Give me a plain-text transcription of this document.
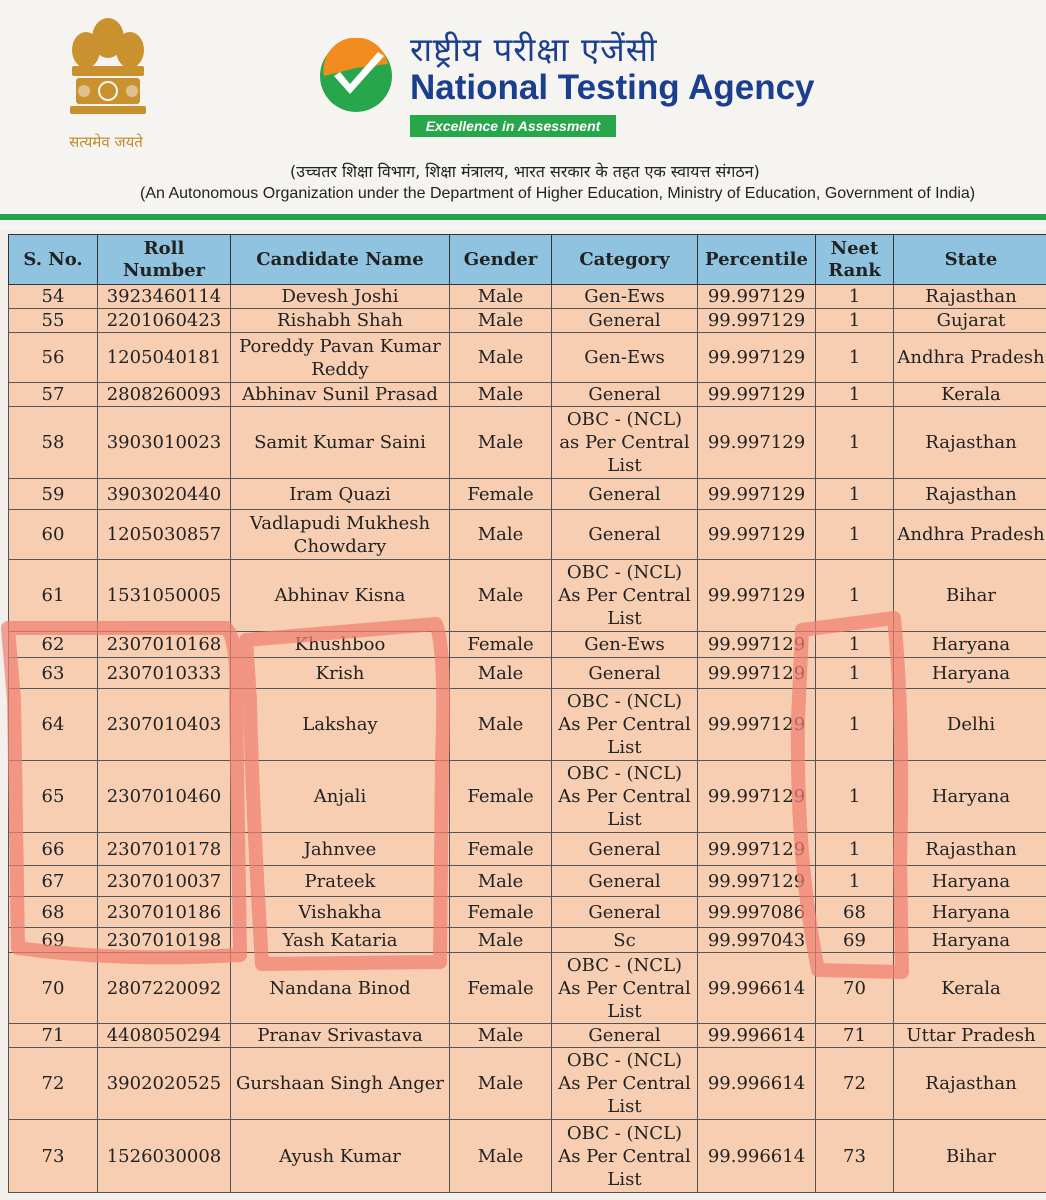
सत्यमेव जयते
राष्ट्रीय परीक्षा एजेंसी
National Testing Agency
Excellence in Assessment
(उच्चतर शिक्षा विभाग, शिक्षा मंत्रालय, भारत सरकार के तहत एक स्वायत्त संगठन)
(An Autonomous Organization under the Department of Higher Education, Ministry of Education, Government of India)
S. No.	Roll Number	Candidate Name	Gender	Category	Percentile	Neet Rank	State
54	3923460114	Devesh Joshi	Male	Gen-Ews	99.997129	1	Rajasthan
55	2201060423	Rishabh Shah	Male	General	99.997129	1	Gujarat
56	1205040181	Poreddy Pavan Kumar Reddy	Male	Gen-Ews	99.997129	1	Andhra Pradesh
57	2808260093	Abhinav Sunil Prasad	Male	General	99.997129	1	Kerala
58	3903010023	Samit Kumar Saini	Male	OBC - (NCL) as Per Central List	99.997129	1	Rajasthan
59	3903020440	Iram Quazi	Female	General	99.997129	1	Rajasthan
60	1205030857	Vadlapudi Mukhesh Chowdary	Male	General	99.997129	1	Andhra Pradesh
61	1531050005	Abhinav Kisna	Male	OBC - (NCL) As Per Central List	99.997129	1	Bihar
62	2307010168	Khushboo	Female	Gen-Ews	99.997129	1	Haryana
63	2307010333	Krish	Male	General	99.997129	1	Haryana
64	2307010403	Lakshay	Male	OBC - (NCL) As Per Central List	99.997129	1	Delhi
65	2307010460	Anjali	Female	OBC - (NCL) As Per Central List	99.997129	1	Haryana
66	2307010178	Jahnvee	Female	General	99.997129	1	Rajasthan
67	2307010037	Prateek	Male	General	99.997129	1	Haryana
68	2307010186	Vishakha	Female	General	99.997086	68	Haryana
69	2307010198	Yash Kataria	Male	Sc	99.997043	69	Haryana
70	2807220092	Nandana Binod	Female	OBC - (NCL) As Per Central List	99.996614	70	Kerala
71	4408050294	Pranav Srivastava	Male	General	99.996614	71	Uttar Pradesh
72	3902020525	Gurshaan Singh Anger	Male	OBC - (NCL) As Per Central List	99.996614	72	Rajasthan
73	1526030008	Ayush Kumar	Male	OBC - (NCL) As Per Central List	99.996614	73	Bihar
